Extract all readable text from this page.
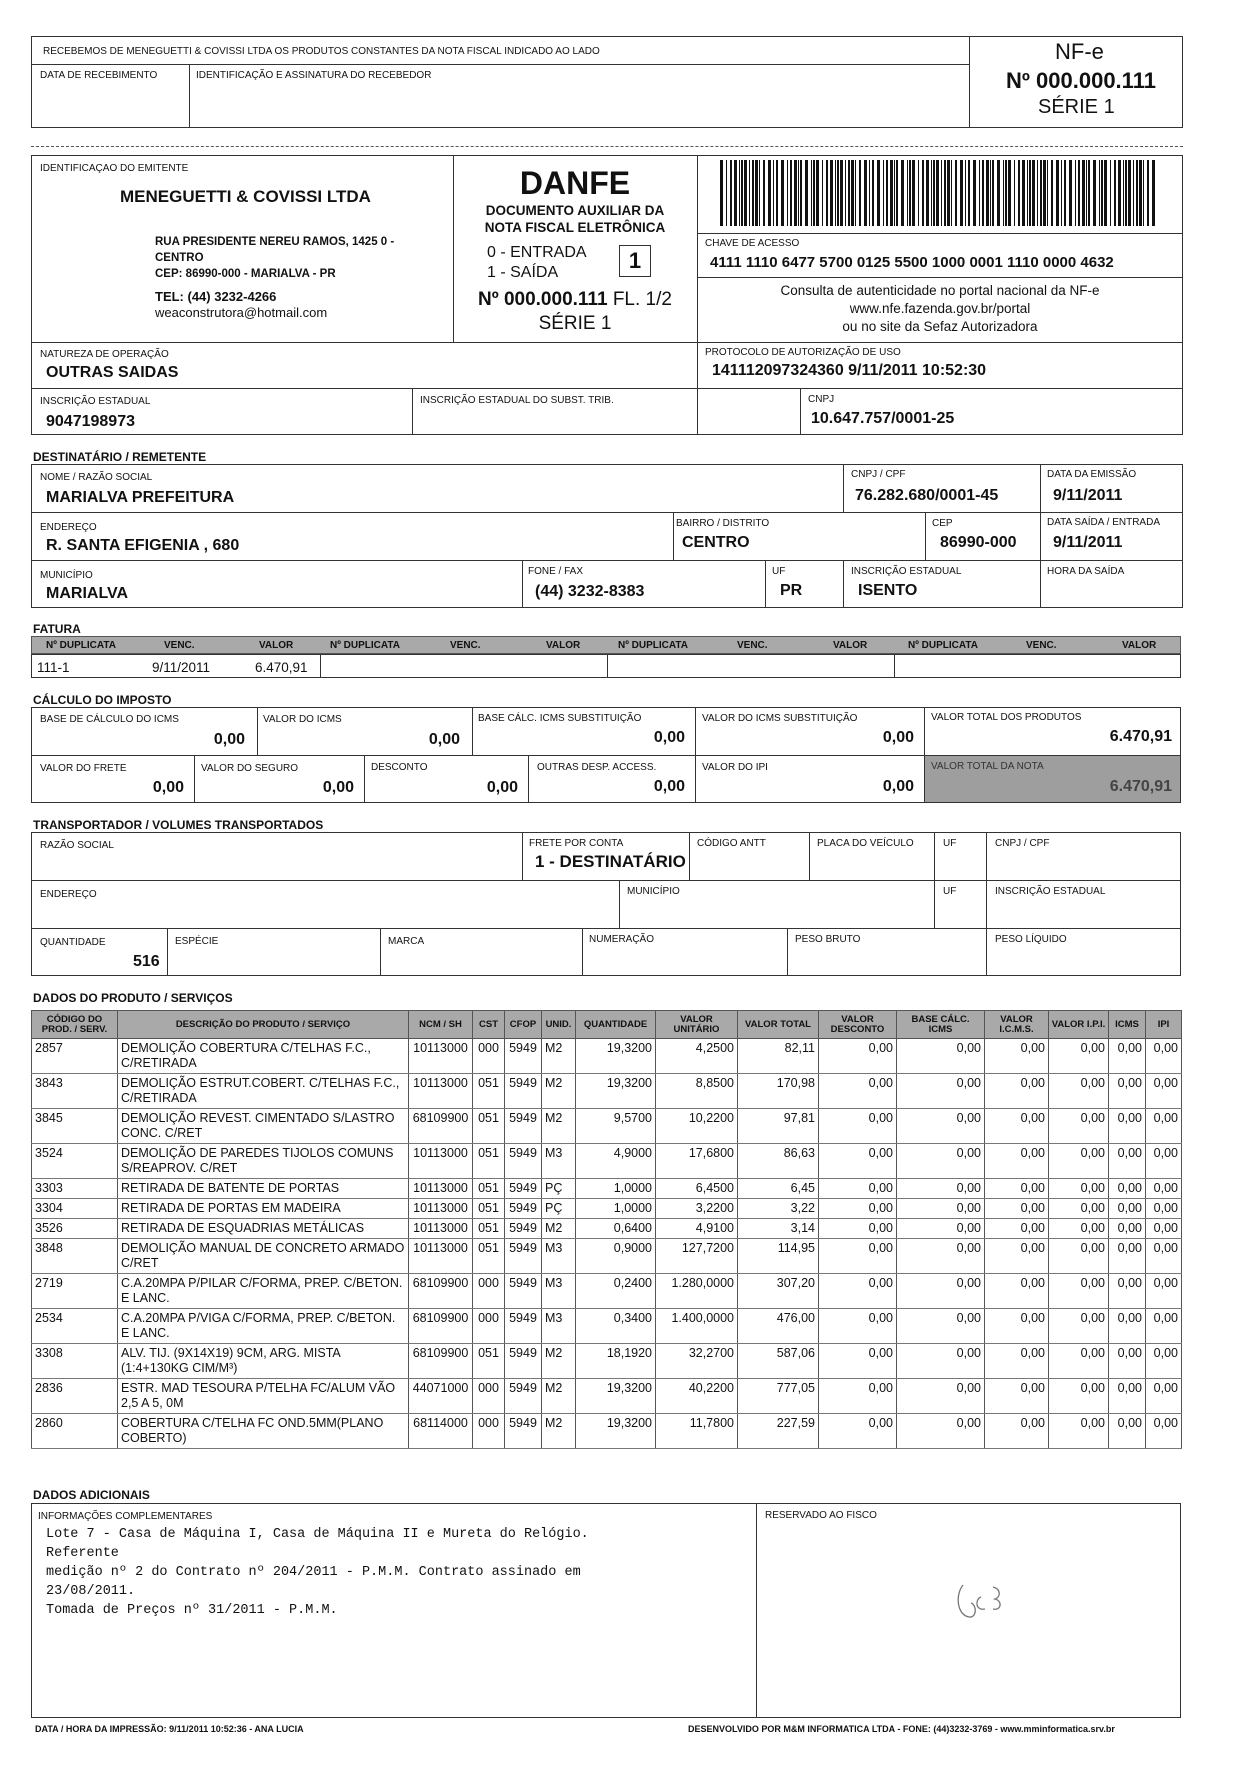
RECEBEMOS DE MENEGUETTI & COVISSI LTDA OS PRODUTOS CONSTANTES DA NOTA FISCAL INDICADO AO LADO
DATA DE RECEBIMENTO	IDENTIFICAÇÃO E ASSINATURA DO RECEBEDOR
NF-e
Nº 000.000.111
SÉRIE 1
IDENTIFICAÇAO DO EMITENTE
MENEGUETTI & COVISSI LTDA
RUA PRESIDENTE NEREU RAMOS, 1425 0 -
CENTRO
CEP: 86990-000 - MARIALVA - PR
TEL: (44) 3232-4266
weaconstrutora@hotmail.com
DANFE
DOCUMENTO AUXILIAR DA
NOTA FISCAL ELETRÔNICA
0 - ENTRADA
1 - SAÍDA	1
Nº 000.000.111 FL. 1/2
SÉRIE 1
CHAVE DE ACESSO
4111 1110 6477 5700 0125 5500 1000 0001 1110 0000 4632
Consulta de autenticidade no portal nacional da NF-e
www.nfe.fazenda.gov.br/portal
ou no site da Sefaz Autorizadora
NATUREZA DE OPERAÇÃO
OUTRAS SAIDAS
PROTOCOLO DE AUTORIZAÇÃO DE USO
141112097324360 9/11/2011 10:52:30
INSCRIÇÃO ESTADUAL
9047198973
INSCRIÇÃO ESTADUAL DO SUBST. TRIB.	CNPJ
10.647.757/0001-25
DESTINATÁRIO / REMETENTE
NOME / RAZÃO SOCIAL
MARIALVA PREFEITURA
CNPJ / CPF
76.282.680/0001-45
DATA DA EMISSÃO
9/11/2011
ENDEREÇO
R. SANTA EFIGENIA , 680
BAIRRO / DISTRITO
CENTRO
CEP
86990-000
DATA SAÍDA / ENTRADA
9/11/2011
MUNICÍPIO
MARIALVA
FONE / FAX
(44) 3232-8383
UF
PR
INSCRIÇÃO ESTADUAL
ISENTO
HORA DA SAÍDA
FATURA
Nº DUPLICATA	VENC.	VALOR	Nº DUPLICATA	VENC.	VALOR	Nº DUPLICATA	VENC.	VALOR	Nº DUPLICATA	VENC.	VALOR
111-1	9/11/2011	6.470,91
CÁLCULO DO IMPOSTO
BASE DE CÁLCULO DO ICMS
0,00
VALOR DO ICMS
0,00
BASE CÁLC. ICMS SUBSTITUIÇÃO
0,00
VALOR DO ICMS SUBSTITUIÇÃO
0,00
VALOR TOTAL DOS PRODUTOS
6.470,91
VALOR DO FRETE
0,00
VALOR DO SEGURO
0,00
DESCONTO
0,00
OUTRAS DESP. ACCESS.
0,00
VALOR DO IPI
0,00
VALOR TOTAL DA NOTA
6.470,91
TRANSPORTADOR / VOLUMES TRANSPORTADOS
RAZÃO SOCIAL	FRETE POR CONTA
1 - DESTINATÁRIO
CÓDIGO ANTT	PLACA DO VEÍCULO	UF	CNPJ / CPF
ENDEREÇO	MUNICÍPIO	UF	INSCRIÇÃO ESTADUAL
QUANTIDADE
516
ESPÉCIE	MARCA	NUMERAÇÃO	PESO BRUTO	PESO LÍQUIDO
DADOS DO PRODUTO / SERVIÇOS
CÓDIGO DO PROD. / SERV.	DESCRIÇÃO DO PRODUTO / SERVIÇO	NCM / SH	CST	CFOP	UNID.	QUANTIDADE	VALOR UNITÁRIO	VALOR TOTAL	VALOR DESCONTO	BASE CÁLC. ICMS	VALOR I.C.M.S.	VALOR I.P.I.	ICMS	IPI
2857	DEMOLIÇÃO COBERTURA C/TELHAS F.C., C/RETIRADA	10113000	000	5949	M2	19,3200	4,2500	82,11	0,00	0,00	0,00	0,00	0,00	0,00
3843	DEMOLIÇÃO ESTRUT.COBERT. C/TELHAS F.C., C/RETIRADA	10113000	051	5949	M2	19,3200	8,8500	170,98	0,00	0,00	0,00	0,00	0,00	0,00
3845	DEMOLIÇÃO REVEST. CIMENTADO S/LASTRO CONC. C/RET	68109900	051	5949	M2	9,5700	10,2200	97,81	0,00	0,00	0,00	0,00	0,00	0,00
3524	DEMOLIÇÃO DE PAREDES TIJOLOS COMUNS S/REAPROV. C/RET	10113000	051	5949	M3	4,9000	17,6800	86,63	0,00	0,00	0,00	0,00	0,00	0,00
3303	RETIRADA DE BATENTE DE PORTAS	10113000	051	5949	PÇ	1,0000	6,4500	6,45	0,00	0,00	0,00	0,00	0,00	0,00
3304	RETIRADA DE PORTAS EM MADEIRA	10113000	051	5949	PÇ	1,0000	3,2200	3,22	0,00	0,00	0,00	0,00	0,00	0,00
3526	RETIRADA DE ESQUADRIAS METÁLICAS	10113000	051	5949	M2	0,6400	4,9100	3,14	0,00	0,00	0,00	0,00	0,00	0,00
3848	DEMOLIÇÃO MANUAL DE CONCRETO ARMADO C/RET	10113000	051	5949	M3	0,9000	127,7200	114,95	0,00	0,00	0,00	0,00	0,00	0,00
2719	C.A.20MPA P/PILAR C/FORMA, PREP. C/BETON. E LANC.	68109900	000	5949	M3	0,2400	1.280,0000	307,20	0,00	0,00	0,00	0,00	0,00	0,00
2534	C.A.20MPA P/VIGA C/FORMA, PREP. C/BETON. E LANC.	68109900	000	5949	M3	0,3400	1.400,0000	476,00	0,00	0,00	0,00	0,00	0,00	0,00
3308	ALV. TIJ. (9X14X19) 9CM, ARG. MISTA (1:4+130KG CIM/M³)	68109900	051	5949	M2	18,1920	32,2700	587,06	0,00	0,00	0,00	0,00	0,00	0,00
2836	ESTR. MAD TESOURA P/TELHA FC/ALUM VÃO 2,5 A 5, 0M	44071000	000	5949	M2	19,3200	40,2200	777,05	0,00	0,00	0,00	0,00	0,00	0,00
2860	COBERTURA C/TELHA FC OND.5MM(PLANO COBERTO)	68114000	000	5949	M2	19,3200	11,7800	227,59	0,00	0,00	0,00	0,00	0,00	0,00
DADOS ADICIONAIS
INFORMAÇÕES COMPLEMENTARES
Lote 7 - Casa de Máquina I, Casa de Máquina II e Mureta do Relógio.
Referente
medição nº 2 do Contrato nº 204/2011 - P.M.M. Contrato assinado em
23/08/2011.
Tomada de Preços nº 31/2011 - P.M.M.
RESERVADO AO FISCO
DATA / HORA DA IMPRESSÃO: 9/11/2011 10:52:36 - ANA LUCIA	DESENVOLVIDO POR M&M INFORMATICA LTDA - FONE: (44)3232-3769 - www.mminformatica.srv.br
